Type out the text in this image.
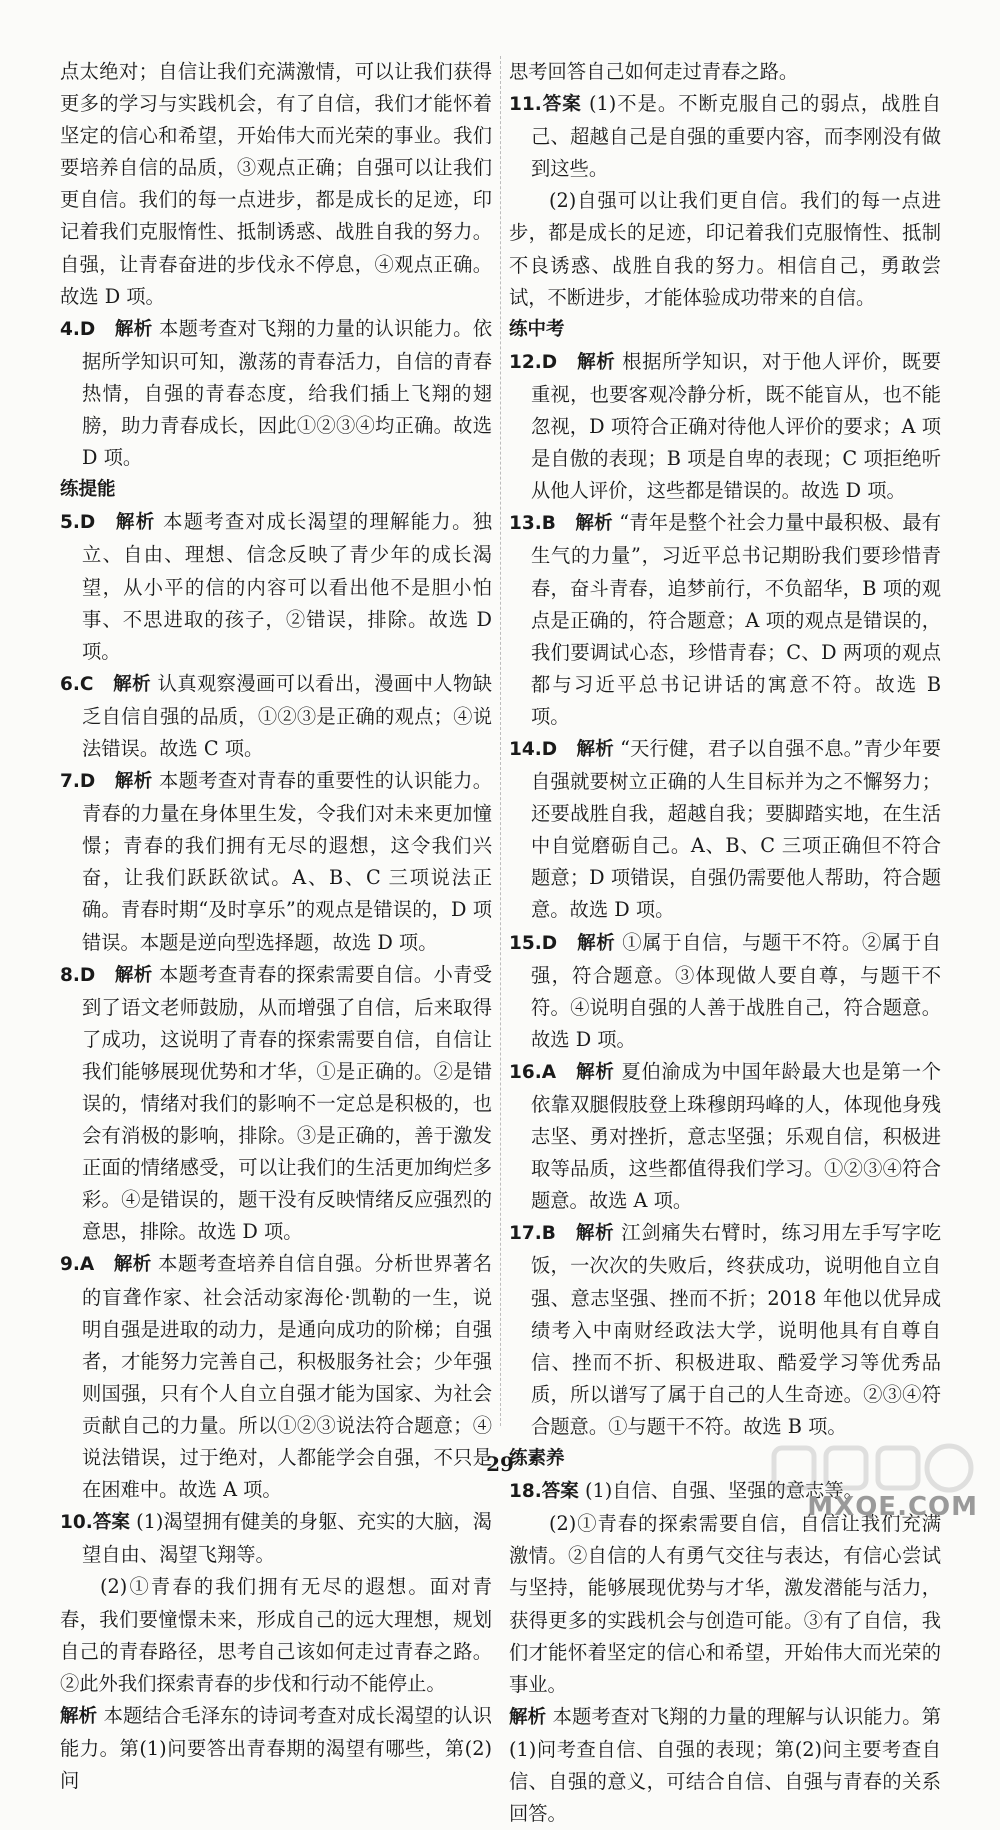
点太绝对；自信让我们充满激情，可以让我们获得更多的学习与实践机会，有了自信，我们才能怀着坚定的信心和希望，开始伟大而光荣的事业。我们要培养自信的品质，③观点正确；自强可以让我们更自信。我们的每一点进步，都是成长的足迹，印记着我们克服惰性、抵制诱惑、战胜自我的努力。自强，让青春奋进的步伐永不停息，④观点正确。故选 D 项。

4.D  解析 本题考查对飞翔的力量的认识能力。依据所学知识可知，激荡的青春活力，自信的青春热情，自强的青春态度，给我们插上飞翔的翅膀，助力青春成长，因此①②③④均正确。故选 D 项。

练提能

5.D  解析 本题考查对成长渴望的理解能力。独立、自由、理想、信念反映了青少年的成长渴望，从小平的信的内容可以看出他不是胆小怕事、不思进取的孩子，②错误，排除。故选 D 项。

6.C  解析 认真观察漫画可以看出，漫画中人物缺乏自信自强的品质，①②③是正确的观点；④说法错误。故选 C 项。

7.D  解析 本题考查对青春的重要性的认识能力。青春的力量在身体里生发，令我们对未来更加憧憬；青春的我们拥有无尽的遐想，这令我们兴奋，让我们跃跃欲试。A、B、C 三项说法正确。青春时期“及时享乐”的观点是错误的，D 项错误。本题是逆向型选择题，故选 D 项。

8.D  解析 本题考查青春的探索需要自信。小青受到了语文老师鼓励，从而增强了自信，后来取得了成功，这说明了青春的探索需要自信，自信让我们能够展现优势和才华，①是正确的。②是错误的，情绪对我们的影响不一定总是积极的，也会有消极的影响，排除。③是正确的，善于激发正面的情绪感受，可以让我们的生活更加绚烂多彩。④是错误的，题干没有反映情绪反应强烈的意思，排除。故选 D 项。

9.A  解析 本题考查培养自信自强。分析世界著名的盲聋作家、社会活动家海伦·凯勒的一生，说明自强是进取的动力，是通向成功的阶梯；自强者，才能努力完善自己，积极服务社会；少年强则国强，只有个人自立自强才能为国家、为社会贡献自己的力量。所以①②③说法符合题意；④说法错误，过于绝对，人都能学会自强，不只是在困难中。故选 A 项。

10.答案 (1)渴望拥有健美的身躯、充实的大脑，渴望自由、渴望飞翔等。

(2)①青春的我们拥有无尽的遐想。面对青春，我们要憧憬未来，形成自己的远大理想，规划自己的青春路径，思考自己该如何走过青春之路。②此外我们探索青春的步伐和行动不能停止。

解析 本题结合毛泽东的诗词考查对成长渴望的认识能力。第(1)问要答出青春期的渴望有哪些，第(2)问

思考回答自己如何走过青春之路。

11.答案 (1)不是。不断克服自己的弱点，战胜自己、超越自己是自强的重要内容，而李刚没有做到这些。

(2)自强可以让我们更自信。我们的每一点进步，都是成长的足迹，印记着我们克服惰性、抵制不良诱惑、战胜自我的努力。相信自己，勇敢尝试，不断进步，才能体验成功带来的自信。

练中考

12.D  解析 根据所学知识，对于他人评价，既要重视，也要客观冷静分析，既不能盲从，也不能忽视，D 项符合正确对待他人评价的要求；A 项是自傲的表现；B 项是自卑的表现；C 项拒绝听从他人评价，这些都是错误的。故选 D 项。

13.B  解析 “青年是整个社会力量中最积极、最有生气的力量”，习近平总书记期盼我们要珍惜青春，奋斗青春，追梦前行，不负韶华，B 项的观点是正确的，符合题意；A 项的观点是错误的，我们要调试心态，珍惜青春；C、D 两项的观点都与习近平总书记讲话的寓意不符。故选 B 项。

14.D  解析 “天行健，君子以自强不息。”青少年要自强就要树立正确的人生目标并为之不懈努力；还要战胜自我，超越自我；要脚踏实地，在生活中自觉磨砺自己。A、B、C 三项正确但不符合题意；D 项错误，自强仍需要他人帮助，符合题意。故选 D 项。

15.D  解析 ①属于自信，与题干不符。②属于自强，符合题意。③体现做人要自尊，与题干不符。④说明自强的人善于战胜自己，符合题意。故选 D 项。

16.A  解析 夏伯渝成为中国年龄最大也是第一个依靠双腿假肢登上珠穆朗玛峰的人，体现他身残志坚、勇对挫折，意志坚强；乐观自信，积极进取等品质，这些都值得我们学习。①②③④符合题意。故选 A 项。

17.B  解析 江剑痛失右臂时，练习用左手写字吃饭，一次次的失败后，终获成功，说明他自立自强、意志坚强、挫而不折；2018 年他以优异成绩考入中南财经政法大学，说明他具有自尊自信、挫而不折、积极进取、酷爱学习等优秀品质，所以谱写了属于自己的人生奇迹。②③④符合题意。①与题干不符。故选 B 项。

练素养

18.答案 (1)自信、自强、坚强的意志等。

(2)①青春的探索需要自信，自信让我们充满激情。②自信的人有勇气交往与表达，有信心尝试与坚持，能够展现优势与才华，激发潜能与活力，获得更多的实践机会与创造可能。③有了自信，我们才能怀着坚定的信心和希望，开始伟大而光荣的事业。

解析 本题考查对飞翔的力量的理解与认识能力。第(1)问考查自信、自强的表现；第(2)问主要考查自信、自强的意义，可结合自信、自强与青春的关系回答。

29
MXQE.COM
